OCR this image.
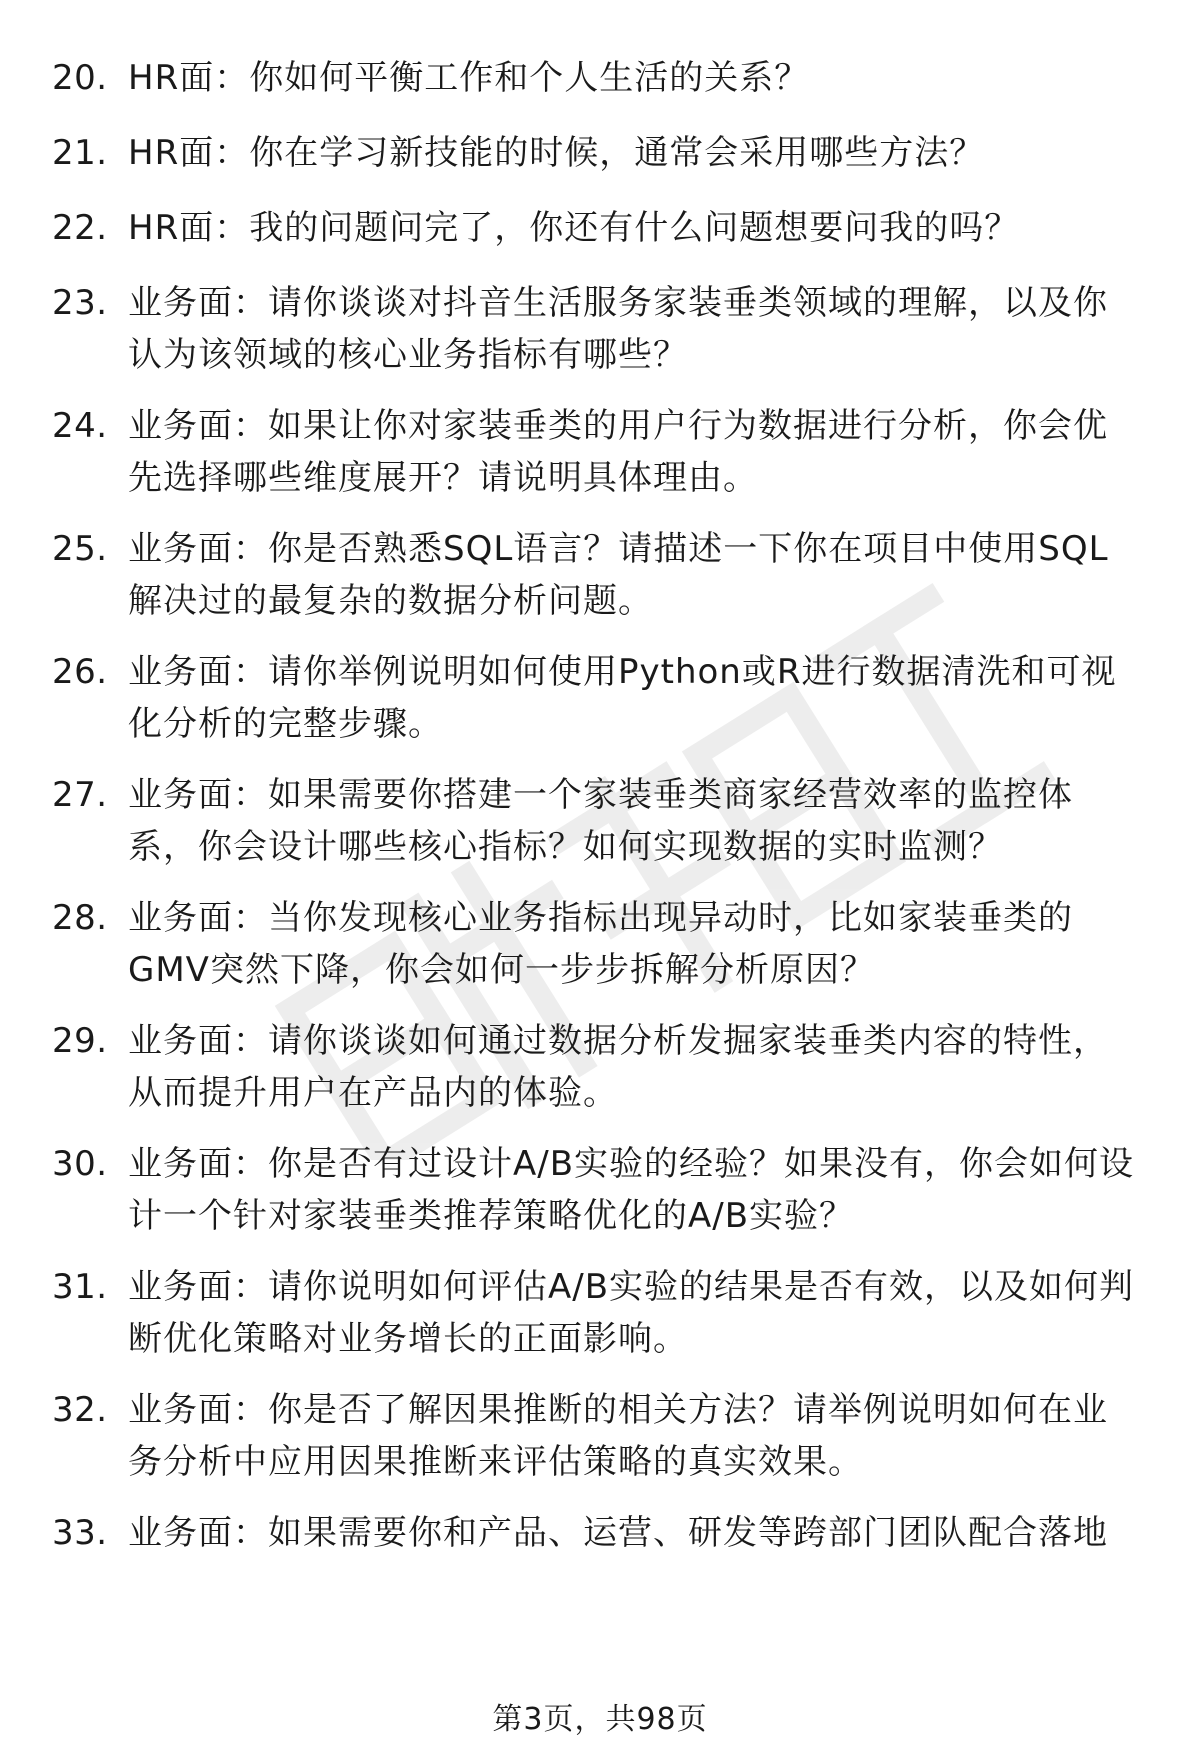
20. HR面：你如何平衡工作和个人生活的关系？
21. HR面：你在学习新技能的时候，通常会采用哪些方法？
22. HR面：我的问题问完了，你还有什么问题想要问我的吗？
23. 业务面：请你谈谈对抖音生活服务家装垂类领域的理解，以及你认为该领域的核心业务指标有哪些？
24. 业务面：如果让你对家装垂类的用户行为数据进行分析，你会优先选择哪些维度展开？请说明具体理由。
25. 业务面：你是否熟悉SQL语言？请描述一下你在项目中使用SQL解决过的最复杂的数据分析问题。
26. 业务面：请你举例说明如何使用Python或R进行数据清洗和可视化分析的完整步骤。
27. 业务面：如果需要你搭建一个家装垂类商家经营效率的监控体系，你会设计哪些核心指标？如何实现数据的实时监测？
28. 业务面：当你发现核心业务指标出现异动时，比如家装垂类的GMV突然下降，你会如何一步步拆解分析原因？
29. 业务面：请你谈谈如何通过数据分析发掘家装垂类内容的特性，从而提升用户在产品内的体验。
30. 业务面：你是否有过设计A/B实验的经验？如果没有，你会如何设计一个针对家装垂类推荐策略优化的A/B实验？
31. 业务面：请你说明如何评估A/B实验的结果是否有效，以及如何判断优化策略对业务增长的正面影响。
32. 业务面：你是否了解因果推断的相关方法？请举例说明如何在业务分析中应用因果推断来评估策略的真实效果。
33. 业务面：如果需要你和产品、运营、研发等跨部门团队配合落地
第3页，共98页
